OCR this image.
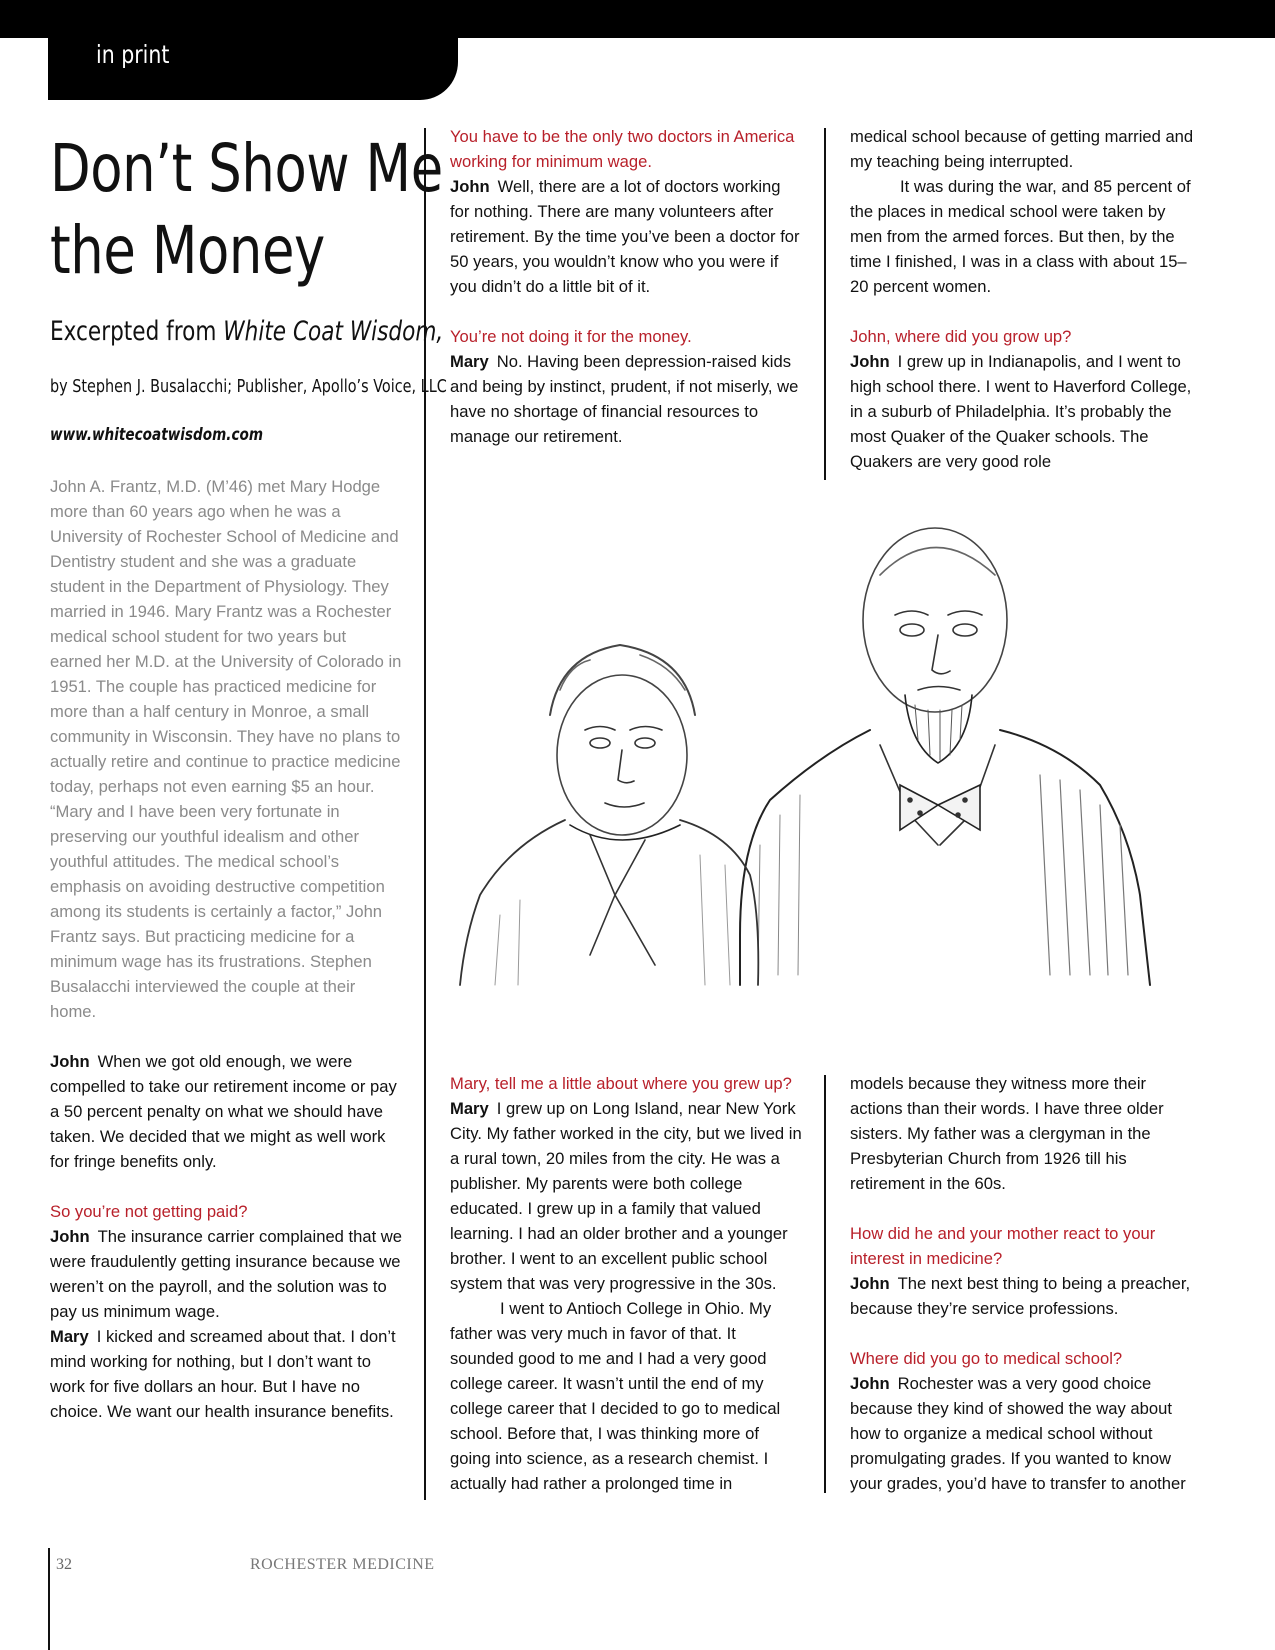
in print
Don’t Show Me
the Money
Excerpted from White Coat Wisdom,
by Stephen J. Busalacchi; Publisher, Apollo’s Voice, LLC
www.whitecoatwisdom.com

John A. Frantz, M.D. (M’46) met Mary Hodge more than 60 years ago when he was a University of Rochester School of Medicine and Dentistry student and she was a graduate student in the Department of Physiology. They married in 1946. Mary Frantz was a Rochester medical school student for two years but earned her M.D. at the University of Colorado in 1951. The couple has practiced medicine for more than a half century in Monroe, a small community in Wisconsin. They have no plans to actually retire and continue to practice medicine today, perhaps not even earning $5 an hour. “Mary and I have been very fortunate in preserving our youthful idealism and other youthful attitudes. The medical school’s emphasis on avoiding destructive competition among its students is certainly a factor,” John Frantz says. But practicing medicine for a minimum wage has its frustrations. Stephen Busalacchi interviewed the couple at their home.

John When we got old enough, we were compelled to take our retirement income or pay a 50 percent penalty on what we should have taken. We decided that we might as well work for fringe benefits only.

So you’re not getting paid?

John The insurance carrier complained that we were fraudulently getting insurance because we weren’t on the payroll, and the solution was to pay us minimum wage.

Mary I kicked and screamed about that. I don’t mind working for nothing, but I don’t want to work for five dollars an hour. But I have no choice. We want our health insurance benefits.

You have to be the only two doctors in America working for minimum wage.

John Well, there are a lot of doctors working for nothing. There are many volunteers after retirement. By the time you’ve been a doctor for 50 years, you wouldn’t know who you were if you didn’t do a little bit of it.

You’re not doing it for the money.

Mary No. Having been depression-raised kids and being by instinct, prudent, if not miserly, we have no shortage of financial resources to manage our retirement.

medical school because of getting married and my teaching being interrupted.

It was during the war, and 85 percent of the places in medical school were taken by men from the armed forces. But then, by the time I finished, I was in a class with about 15–20 percent women.

John, where did you grow up?

John I grew up in Indianapolis, and I went to high school there. I went to Haverford College, in a suburb of Philadelphia. It’s probably the most Quaker of the Quaker schools. The Quakers are very good role

Mary, tell me a little about where you grew up?

Mary I grew up on Long Island, near New York City. My father worked in the city, but we lived in a rural town, 20 miles from the city. He was a publisher. My parents were both college educated. I grew up in a family that valued learning. I had an older brother and a younger brother. I went to an excellent public school system that was very progressive in the 30s.

I went to Antioch College in Ohio. My father was very much in favor of that. It sounded good to me and I had a very good college career. It wasn’t until the end of my college career that I decided to go to medical school. Before that, I was thinking more of going into science, as a research chemist. I actually had rather a prolonged time in

models because they witness more their actions than their words. I have three older sisters. My father was a clergyman in the Presbyterian Church from 1926 till his retirement in the 60s.

How did he and your mother react to your interest in medicine?

John The next best thing to being a preacher, because they’re service professions.

Where did you go to medical school?

John Rochester was a very good choice because they kind of showed the way about how to organize a medical school without promulgating grades. If you wanted to know your grades, you’d have to transfer to another

32	ROCHESTER MEDICINE
